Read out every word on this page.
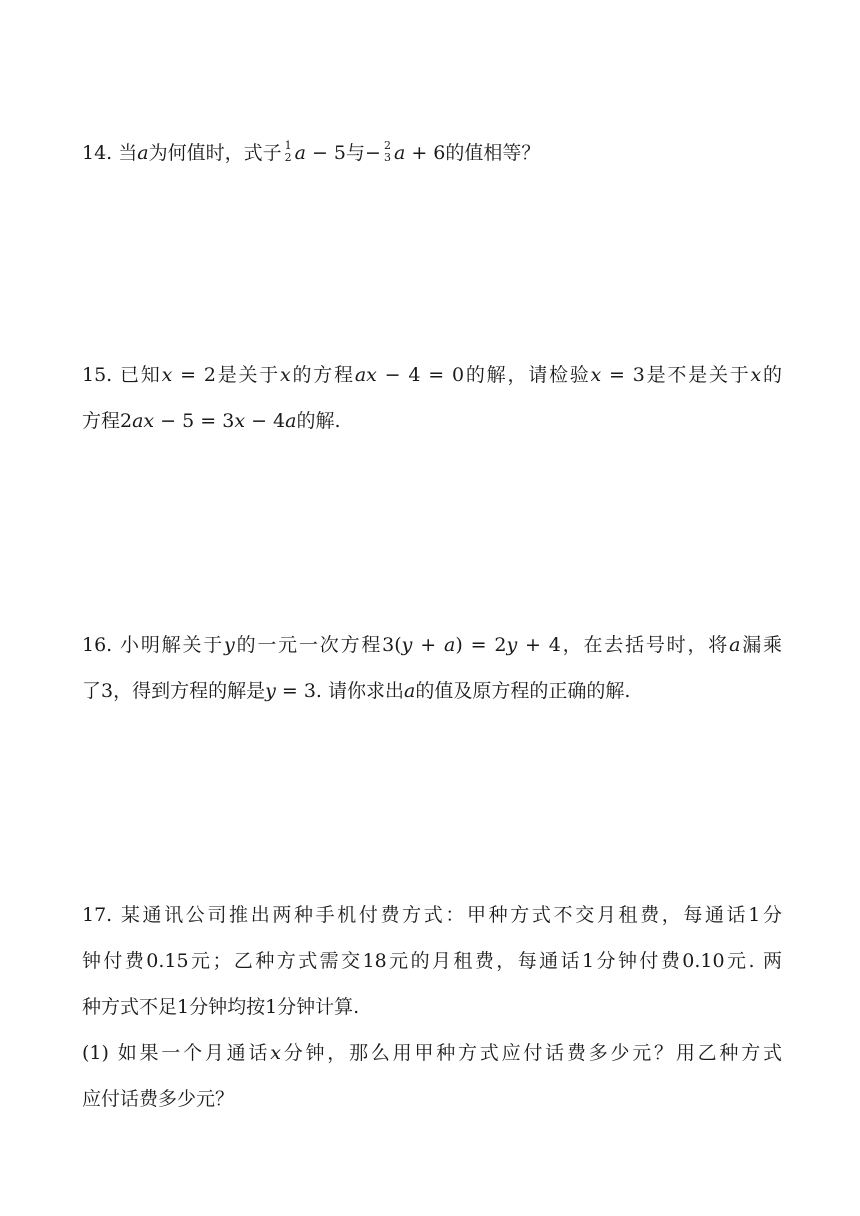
14. 当a为何值时，式子 1
2 a − 5与− 2
3 a + 6的值相等？
15. 已知x = 2是关于x的方程ax − 4 = 0的解，请检验x = 3是不是关于x的
方程2ax − 5 = 3x − 4a的解.
16. 小明解关于y的一元一次方程3(y + a) = 2y + 4，在去括号时，将a漏乘
了3，得到方程的解是y = 3. 请你求出a的值及原方程的正确的解.
17. 某通讯公司推出两种手机付费方式：甲种方式不交月租费，每通话1分
钟付费0.15元；乙种方式需交18元的月租费，每通话1分钟付费0.10元. 两
种方式不足1分钟均按1分钟计算.
(1) 如果一个月通话x分钟，那么用甲种方式应付话费多少元？用乙种方式
应付话费多少元？
